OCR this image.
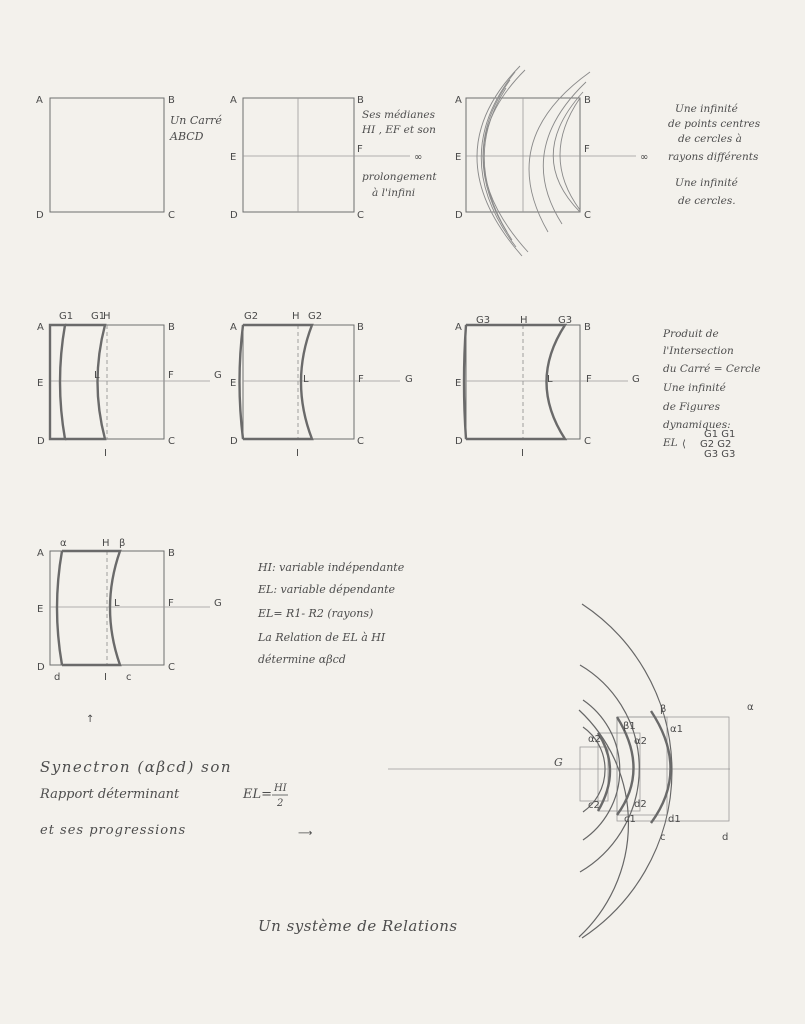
A	B
C
D
Un Carré
ABCD
A	B
C
D
E
F
∞
Ses médianes
HI , EF et son
prolongement
à l'infini
A	B
C
D
E
F
∞
Une infinité
de points centres
de cercles à
rayons différents
Une infinité
de cercles.
A
G1 G1
H
B
E
L	F	G
D
I
C
A
G2	H G2
B
E	L	F	G
D
I
C
A
G3	H	G3
B
E	L	F	G
D
I
C
Produit de
l'Intersection
du Carré = Cercle
Une infinité
de Figures
dynamiques:
EL ⟨
G1 G1
G2 G2
G3 G3
A
α	H β
B
E
L	F	G
D
d	I c
C
↑
HI: variable indépendante
EL: variable dépendante
EL= R1- R2 (rayons)
La Relation de EL à HI
détermine αβcd
Synectron (αβcd) son
Rapport déterminant	EL= HI
2
et ses progressions	⟶
G
α2
β1
α2
β
α1
α
c2
c1
d2
d1
c	d
Un système de Relations
